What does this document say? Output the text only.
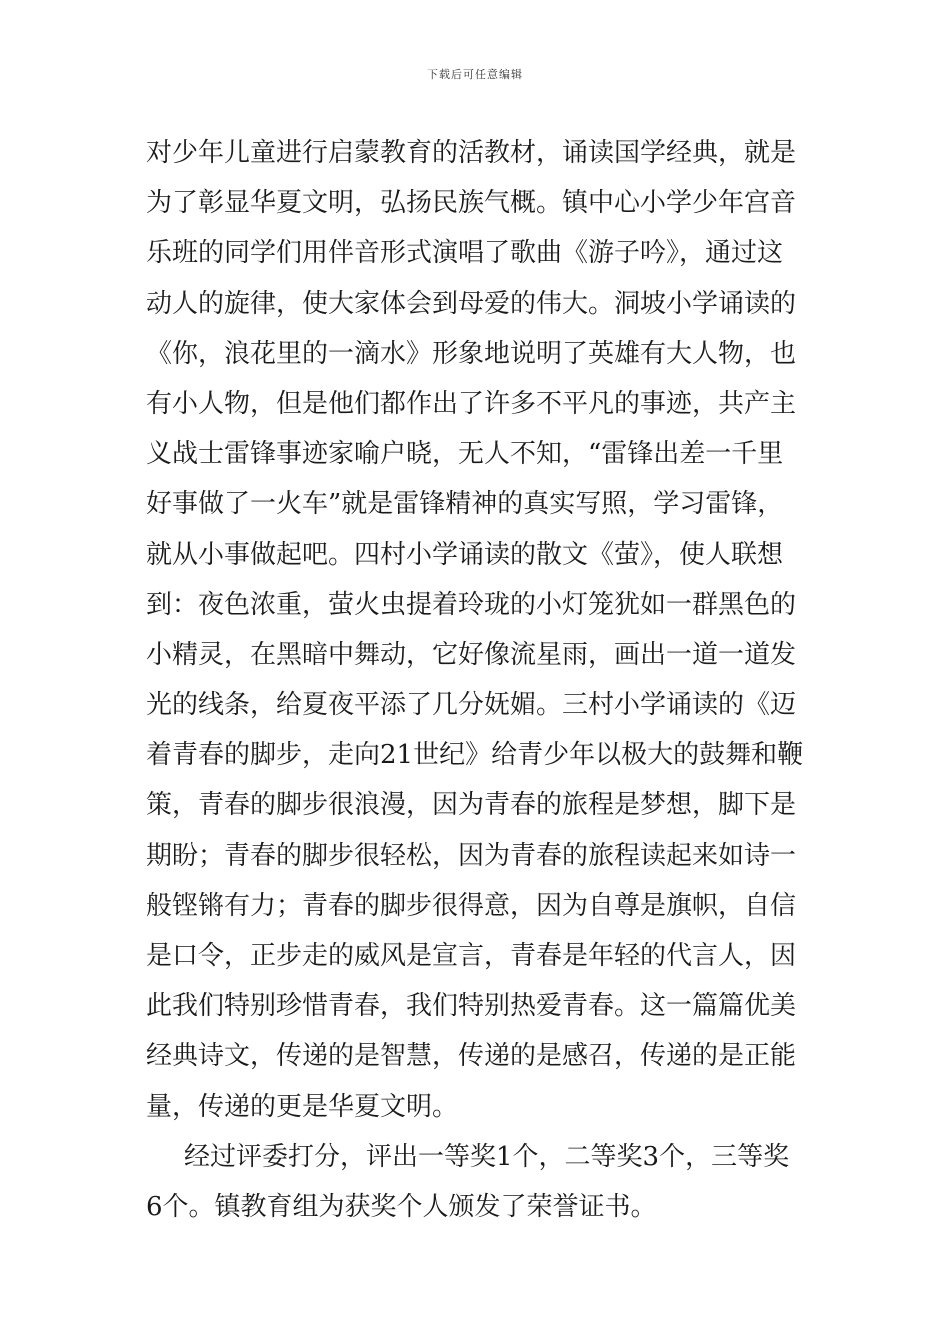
下载后可任意编辑
对少年儿童进行启蒙教育的活教材，诵读国学经典，就是
为了彰显华夏文明，弘扬民族气概。镇中心小学少年宫音
乐班的同学们用伴音形式演唱了歌曲《游子吟》，通过这
动人的旋律，使大家体会到母爱的伟大。洞坡小学诵读的
《你，浪花里的一滴水》形象地说明了英雄有大人物，也
有小人物，但是他们都作出了许多不平凡的事迹，共产主
义战士雷锋事迹家喻户晓，无人不知，“雷锋出差一千里
好事做了一火车”就是雷锋精神的真实写照，学习雷锋，
就从小事做起吧。四村小学诵读的散文《萤》，使人联想
到：夜色浓重，萤火虫提着玲珑的小灯笼犹如一群黑色的
小精灵，在黑暗中舞动，它好像流星雨，画出一道一道发
光的线条，给夏夜平添了几分妩媚。三村小学诵读的《迈
着青春的脚步，走向21世纪》给青少年以极大的鼓舞和鞭
策，青春的脚步很浪漫，因为青春的旅程是梦想，脚下是
期盼；青春的脚步很轻松，因为青春的旅程读起来如诗一
般铿锵有力；青春的脚步很得意，因为自尊是旗帜，自信
是口令，正步走的威风是宣言，青春是年轻的代言人，因
此我们特别珍惜青春，我们特别热爱青春。这一篇篇优美
经典诗文，传递的是智慧，传递的是感召，传递的是正能
量，传递的更是华夏文明。
经过评委打分，评出一等奖1个，二等奖3个，三等奖
6个。镇教育组为获奖个人颁发了荣誉证书。
